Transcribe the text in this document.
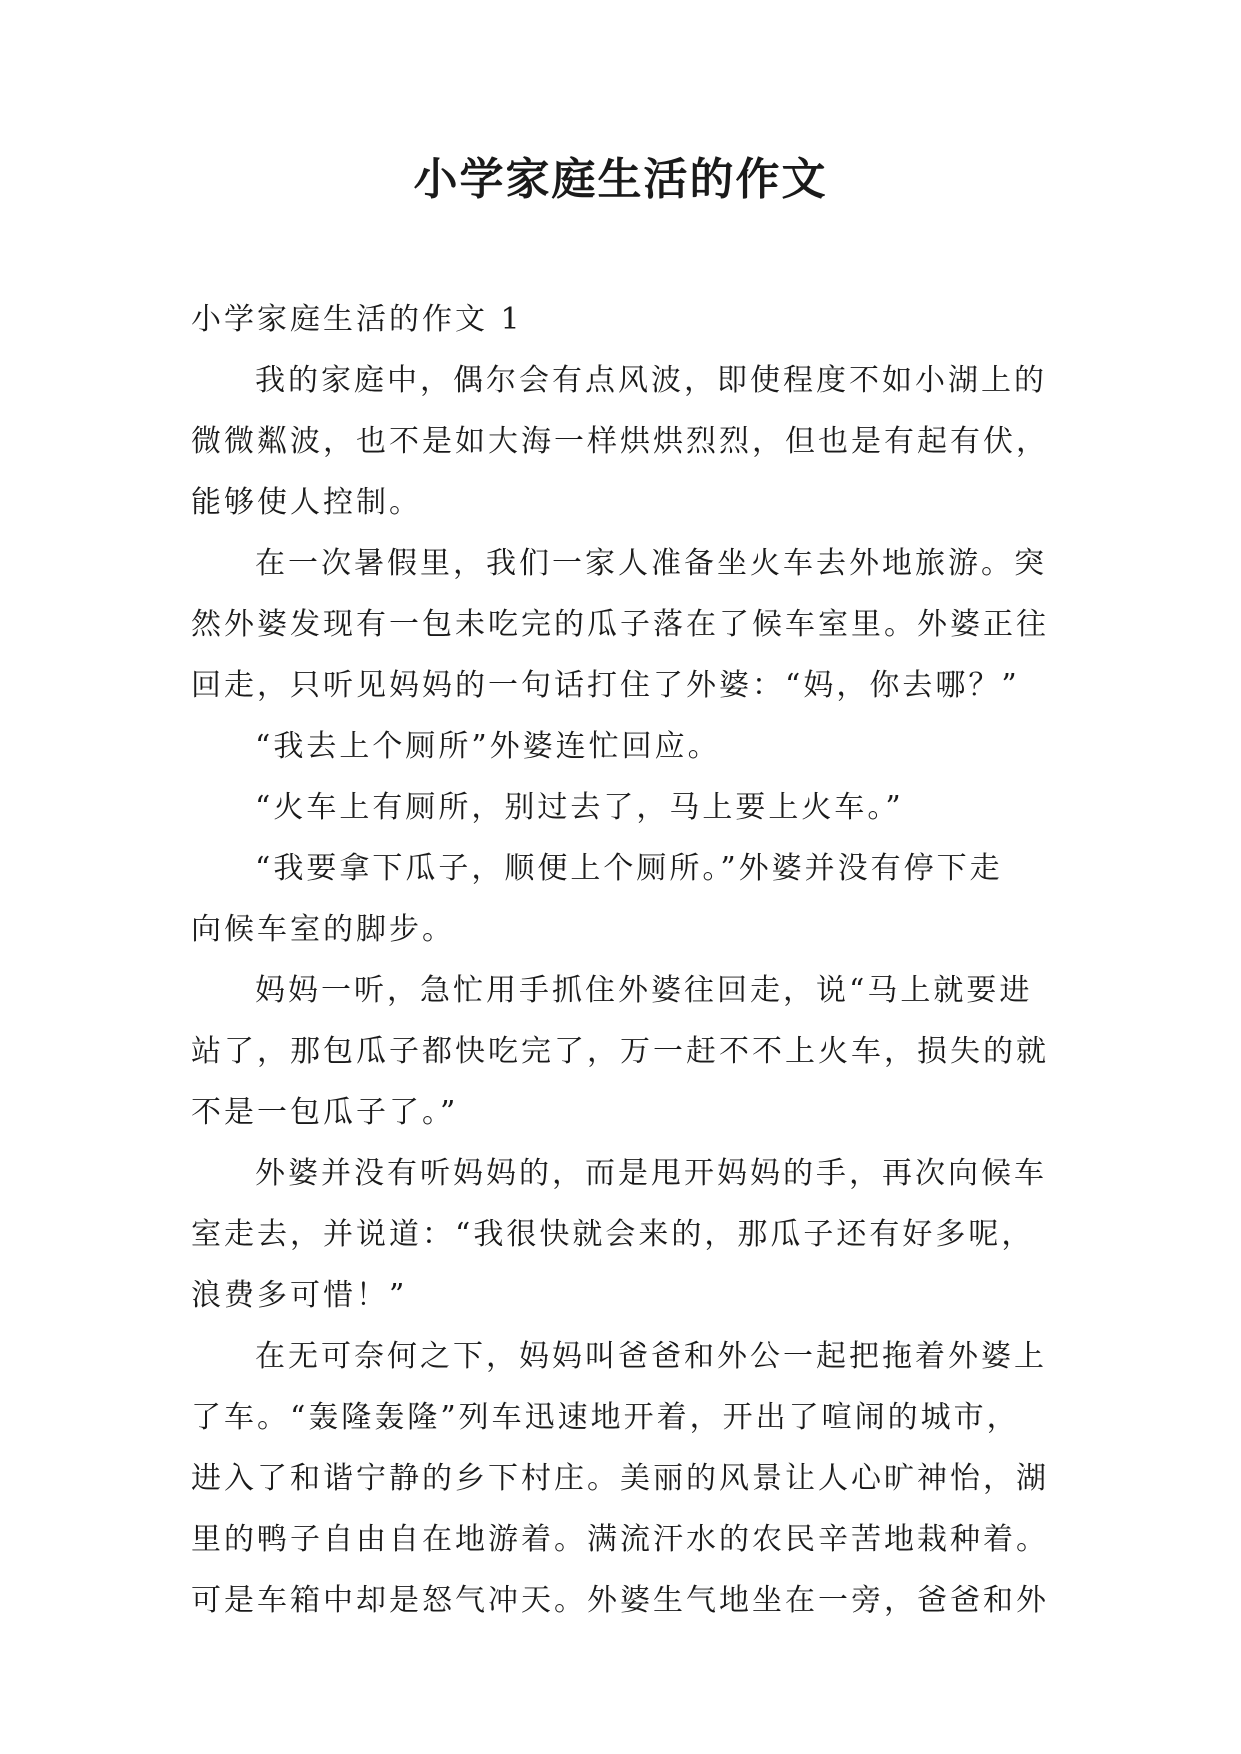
小学家庭生活的作文
小学家庭生活的作文 1
我的家庭中，偶尔会有点风波，即使程度不如小湖上的
微微粼波，也不是如大海一样烘烘烈烈，但也是有起有伏，
能够使人控制。
在一次暑假里，我们一家人准备坐火车去外地旅游。突
然外婆发现有一包未吃完的瓜子落在了候车室里。外婆正往
回走，只听见妈妈的一句话打住了外婆：“妈，你去哪？”
“我去上个厕所”外婆连忙回应。
“火车上有厕所，别过去了，马上要上火车。”
“我要拿下瓜子，顺便上个厕所。”外婆并没有停下走
向候车室的脚步。
妈妈一听，急忙用手抓住外婆往回走，说“马上就要进
站了，那包瓜子都快吃完了，万一赶不不上火车，损失的就
不是一包瓜子了。”
外婆并没有听妈妈的，而是甩开妈妈的手，再次向候车
室走去，并说道：“我很快就会来的，那瓜子还有好多呢，
浪费多可惜！”
在无可奈何之下，妈妈叫爸爸和外公一起把拖着外婆上
了车。“轰隆轰隆”列车迅速地开着，开出了喧闹的城市，
进入了和谐宁静的乡下村庄。美丽的风景让人心旷神怡，湖
里的鸭子自由自在地游着。满流汗水的农民辛苦地栽种着。
可是车箱中却是怒气冲天。外婆生气地坐在一旁，爸爸和外
